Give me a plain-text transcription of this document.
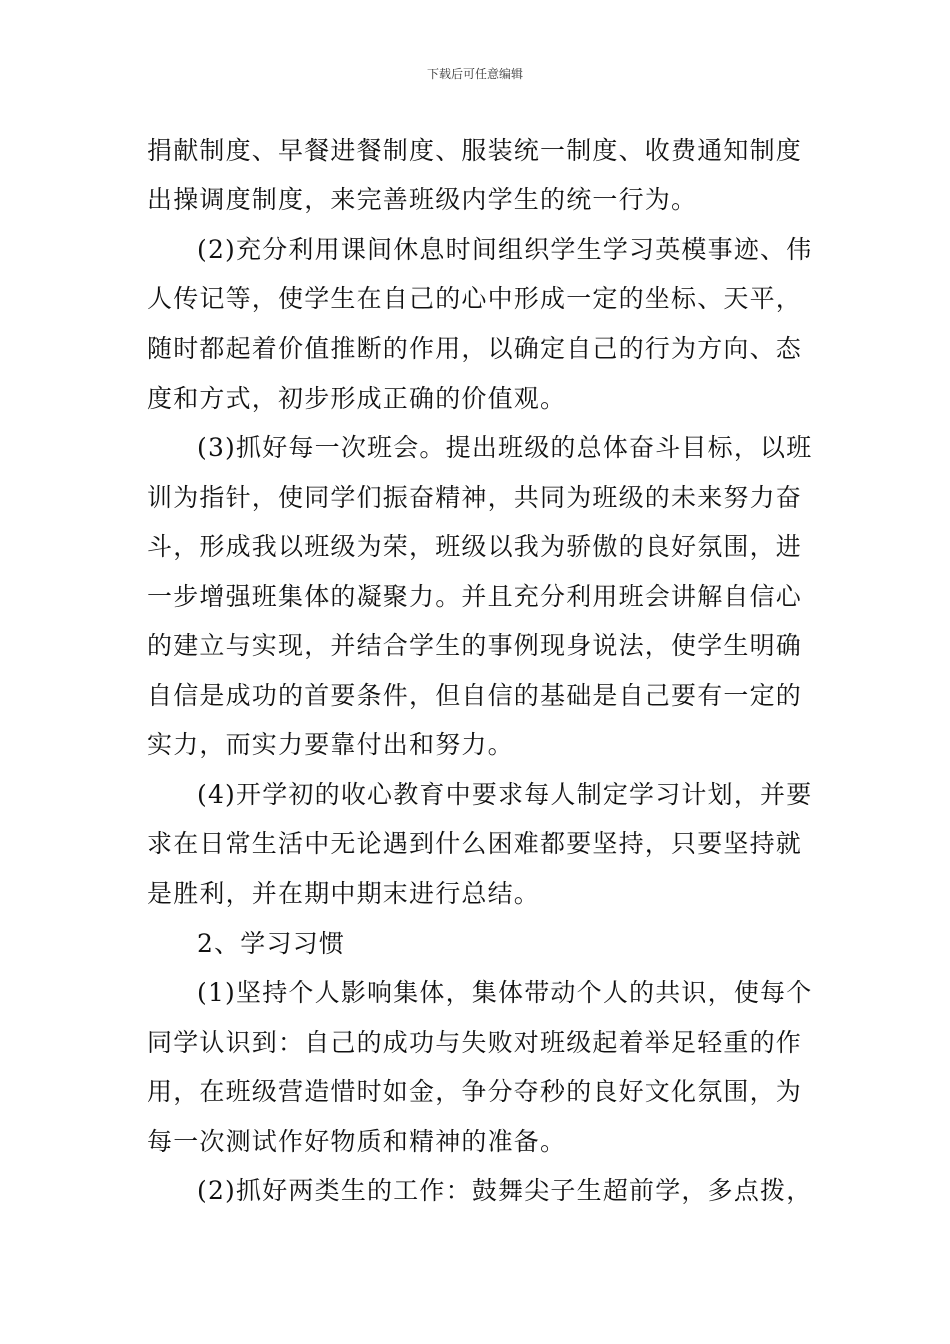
下载后可任意编辑
捐献制度、早餐进餐制度、服装统一制度、收费通知制度
出操调度制度，来完善班级内学生的统一行为。
(2)充分利用课间休息时间组织学生学习英模事迹、伟
人传记等，使学生在自己的心中形成一定的坐标、天平，
随时都起着价值推断的作用，以确定自己的行为方向、态
度和方式，初步形成正确的价值观。
(3)抓好每一次班会。提出班级的总体奋斗目标，以班
训为指针，使同学们振奋精神，共同为班级的未来努力奋
斗，形成我以班级为荣，班级以我为骄傲的良好氛围，进
一步增强班集体的凝聚力。并且充分利用班会讲解自信心
的建立与实现，并结合学生的事例现身说法，使学生明确
自信是成功的首要条件，但自信的基础是自己要有一定的
实力，而实力要靠付出和努力。
(4)开学初的收心教育中要求每人制定学习计划，并要
求在日常生活中无论遇到什么困难都要坚持，只要坚持就
是胜利，并在期中期末进行总结。
2、学习习惯
(1)坚持个人影响集体，集体带动个人的共识，使每个
同学认识到：自己的成功与失败对班级起着举足轻重的作
用，在班级营造惜时如金，争分夺秒的良好文化氛围，为
每一次测试作好物质和精神的准备。
(2)抓好两类生的工作：鼓舞尖子生超前学，多点拨，
